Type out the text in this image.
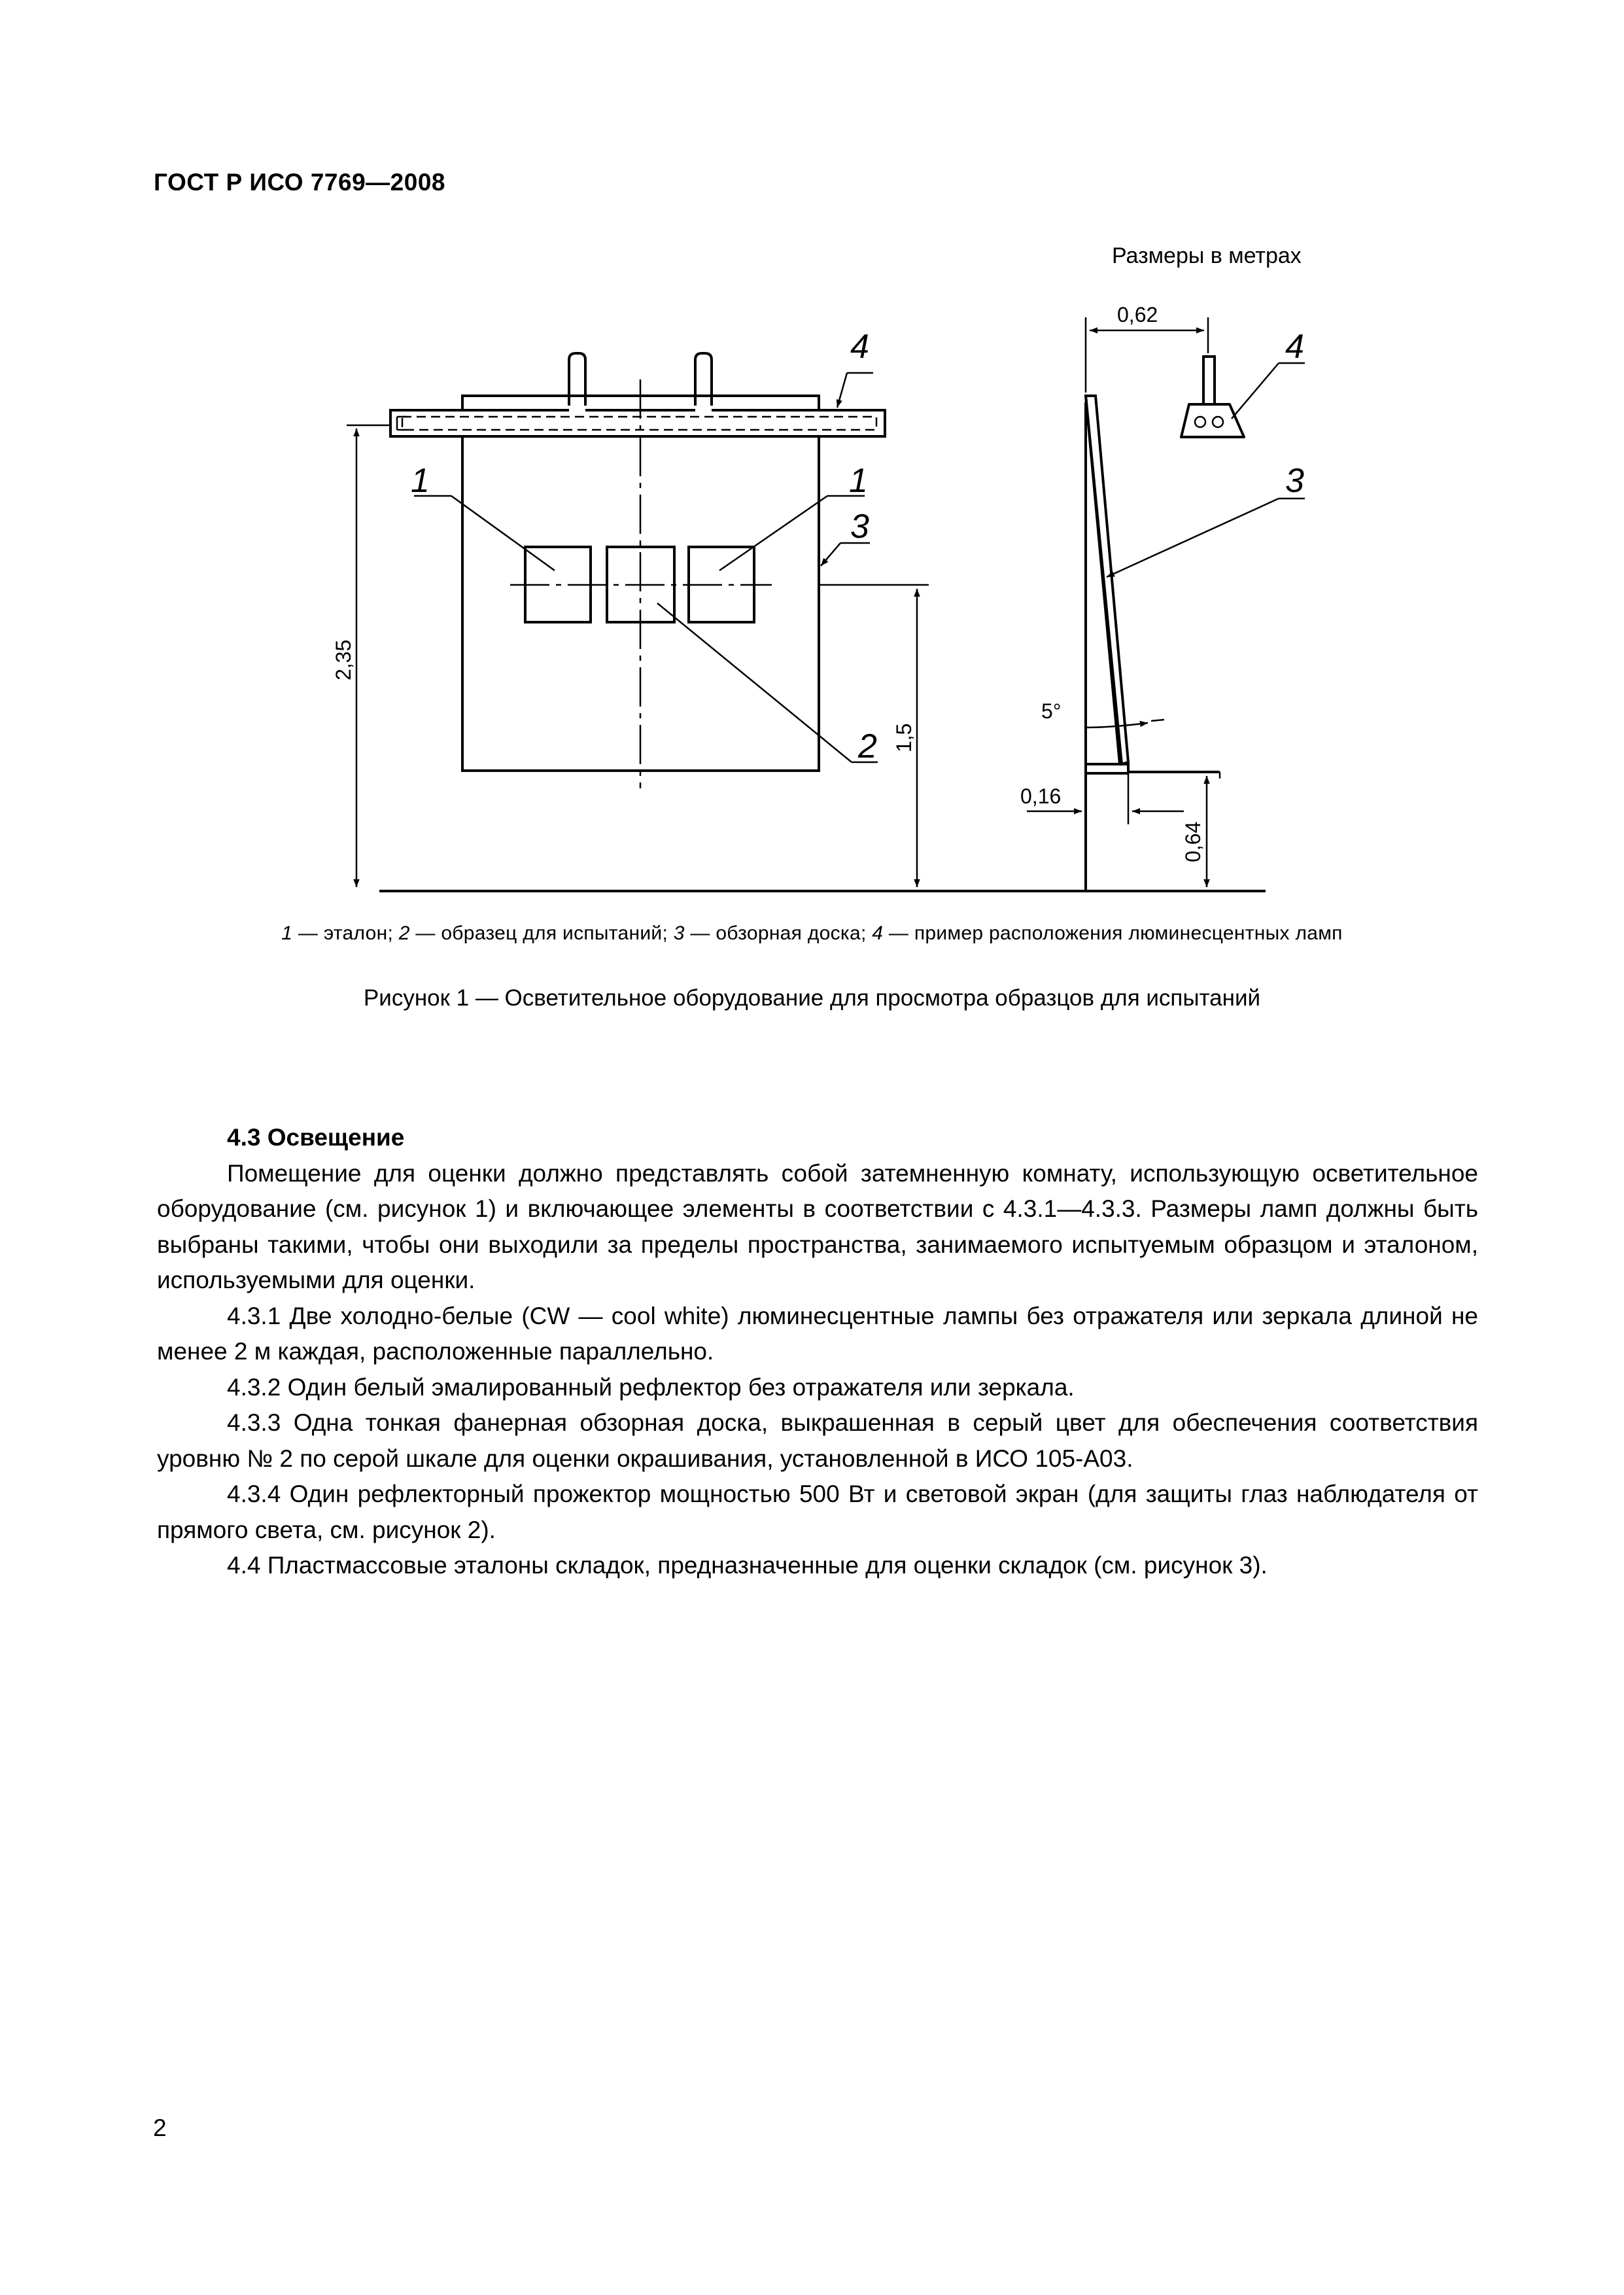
ГОСТ Р ИСО 7769—2008
Размеры в метрах
1	1
2
3
3
4	4
2,35
1,5
0,62
0,64
0,16
5°
1 — эталон; 2 — образец для испытаний; 3 — обзорная доска; 4 — пример расположения люминесцентных ламп
Рисунок 1 — Осветительное оборудование для просмотра образцов для испытаний
4.3 Освещение

Помещение для оценки должно представлять собой затемненную комнату, использующую осветительное оборудование (см. рисунок 1) и включающее элементы в соответствии с 4.3.1—4.3.3. Размеры ламп должны быть выбраны такими, чтобы они выходили за пределы пространства, занимаемого испытуемым образцом и эталоном, используемыми для оценки.

4.3.1 Две холодно-белые (CW — cool white) люминесцентные лампы без отражателя или зеркала длиной не менее 2 м каждая, расположенные параллельно.

4.3.2 Один белый эмалированный рефлектор без отражателя или зеркала.

4.3.3 Одна тонкая фанерная обзорная доска, выкрашенная в серый цвет для обеспечения соответствия уровню № 2 по серой шкале для оценки окрашивания, установленной в ИСО 105-А03.

4.3.4 Один рефлекторный прожектор мощностью 500 Вт и световой экран (для защиты глаз наблюдателя от прямого света, см. рисунок 2).

4.4 Пластмассовые эталоны складок, предназначенные для оценки складок (см. рисунок 3).

2
